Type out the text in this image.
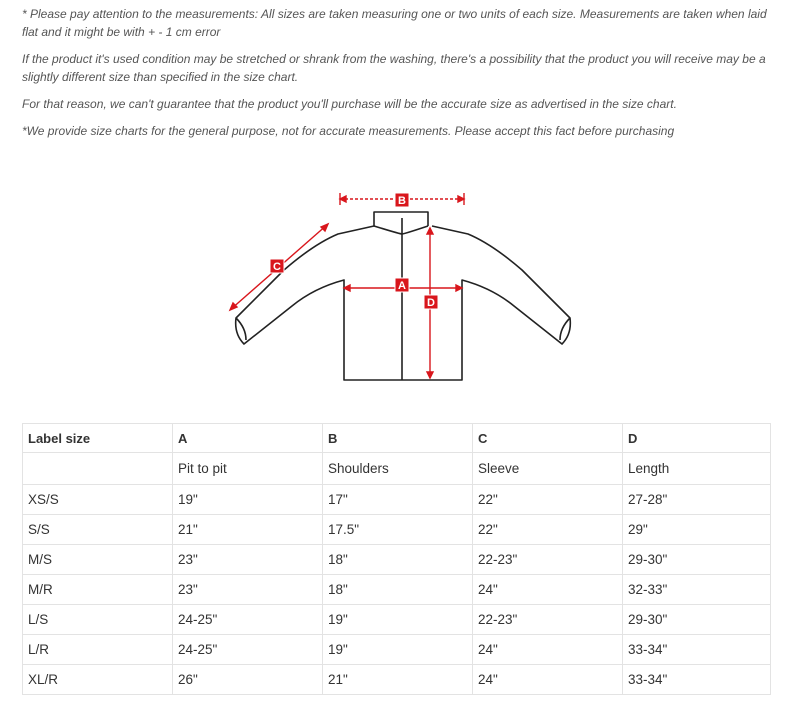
* Please pay attention to the measurements: All sizes are taken measuring one or two units of each size. Measurements are taken when laid flat and it might be with + - 1 cm error

If the product it's used condition may be stretched or shrank from the washing, there's a possibility that the product you will receive may be a slightly different size than specified in the size chart.

For that reason, we can't guarantee that the product you'll purchase will be the accurate size as advertised in the size chart.

*We provide size charts for the general purpose, not for accurate measurements. Please accept this fact before purchasing

B
C
A
D
Label size	A	B	C	D
	Pit to pit	Shoulders	Sleeve	Length
XS/S	19"	17"	22"	27-28"
S/S	21"	17.5"	22"	29"
M/S	23"	18"	22-23"	29-30"
M/R	23"	18"	24"	32-33"
L/S	24-25"	19"	22-23"	29-30"
L/R	24-25"	19"	24"	33-34"
XL/R	26"	21"	24"	33-34"
